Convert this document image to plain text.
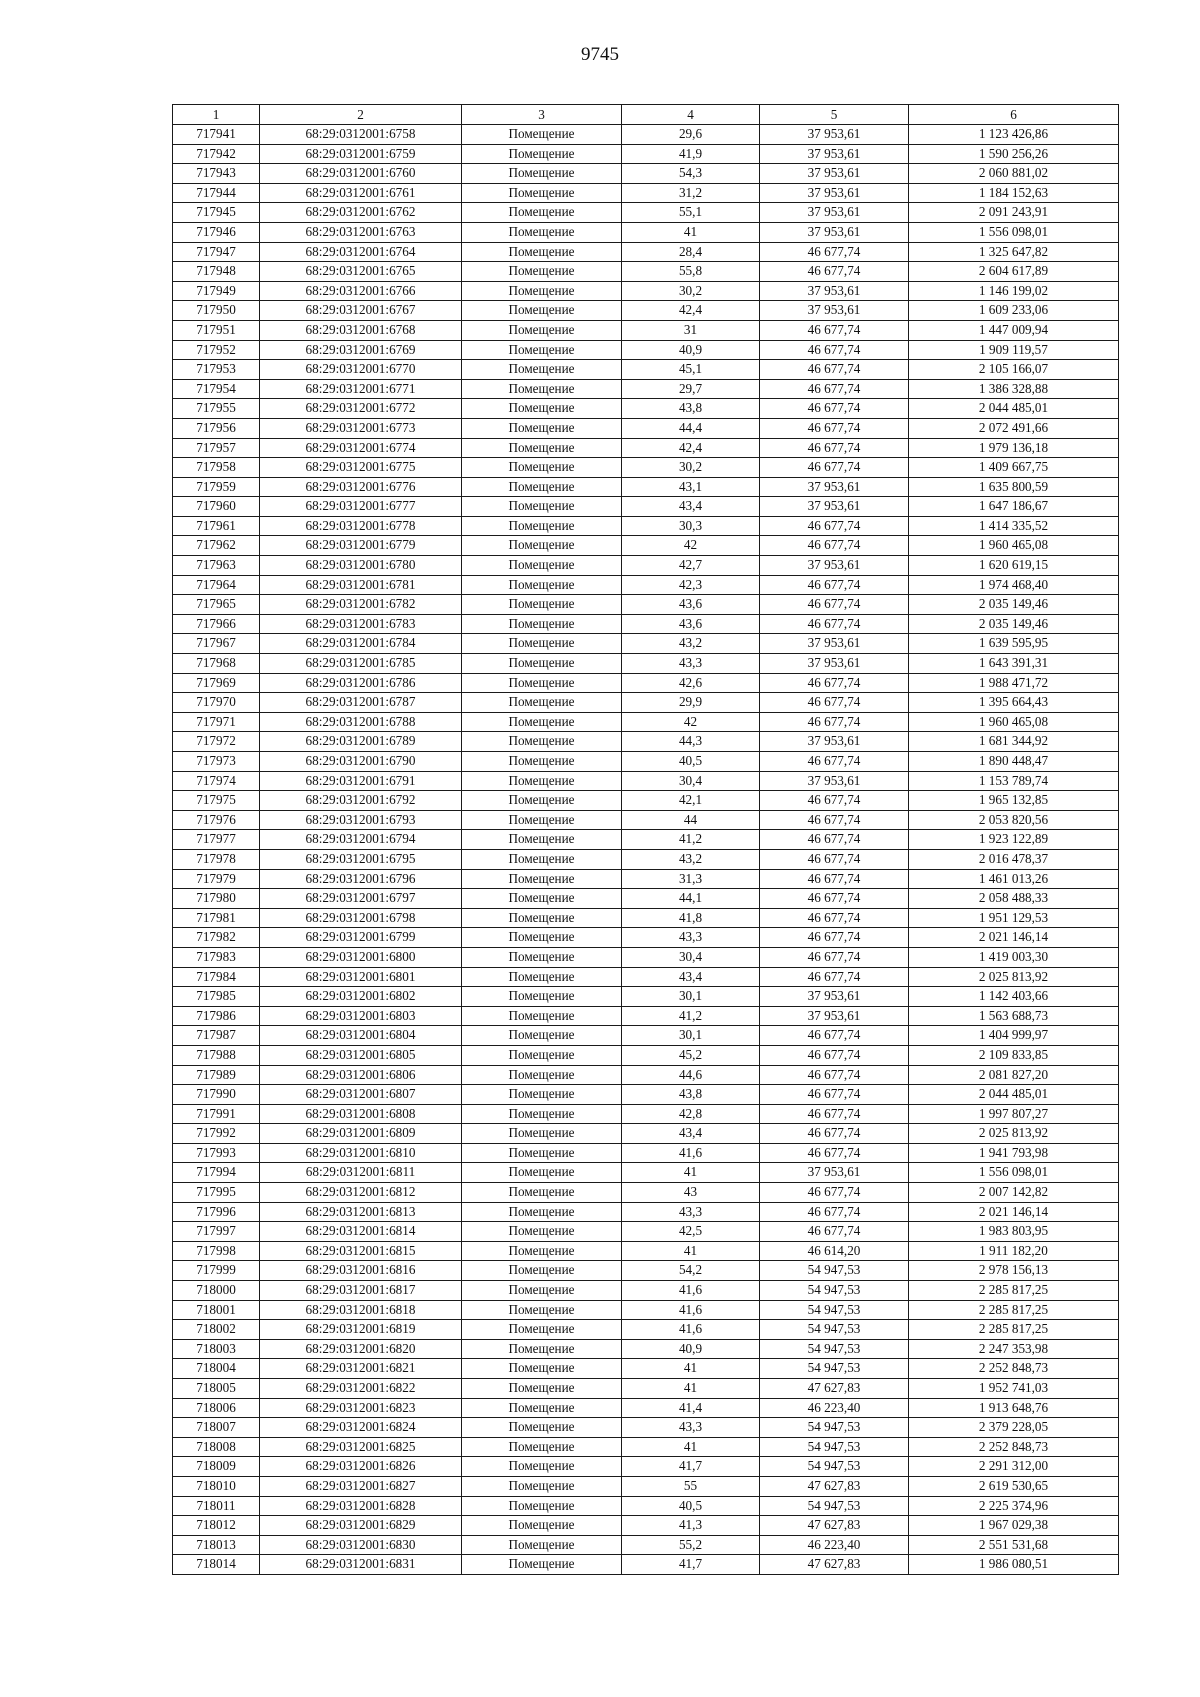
9745
1	2	3	4	5	6
717941	68:29:0312001:6758	Помещение	29,6	37 953,61	1 123 426,86
717942	68:29:0312001:6759	Помещение	41,9	37 953,61	1 590 256,26
717943	68:29:0312001:6760	Помещение	54,3	37 953,61	2 060 881,02
717944	68:29:0312001:6761	Помещение	31,2	37 953,61	1 184 152,63
717945	68:29:0312001:6762	Помещение	55,1	37 953,61	2 091 243,91
717946	68:29:0312001:6763	Помещение	41	37 953,61	1 556 098,01
717947	68:29:0312001:6764	Помещение	28,4	46 677,74	1 325 647,82
717948	68:29:0312001:6765	Помещение	55,8	46 677,74	2 604 617,89
717949	68:29:0312001:6766	Помещение	30,2	37 953,61	1 146 199,02
717950	68:29:0312001:6767	Помещение	42,4	37 953,61	1 609 233,06
717951	68:29:0312001:6768	Помещение	31	46 677,74	1 447 009,94
717952	68:29:0312001:6769	Помещение	40,9	46 677,74	1 909 119,57
717953	68:29:0312001:6770	Помещение	45,1	46 677,74	2 105 166,07
717954	68:29:0312001:6771	Помещение	29,7	46 677,74	1 386 328,88
717955	68:29:0312001:6772	Помещение	43,8	46 677,74	2 044 485,01
717956	68:29:0312001:6773	Помещение	44,4	46 677,74	2 072 491,66
717957	68:29:0312001:6774	Помещение	42,4	46 677,74	1 979 136,18
717958	68:29:0312001:6775	Помещение	30,2	46 677,74	1 409 667,75
717959	68:29:0312001:6776	Помещение	43,1	37 953,61	1 635 800,59
717960	68:29:0312001:6777	Помещение	43,4	37 953,61	1 647 186,67
717961	68:29:0312001:6778	Помещение	30,3	46 677,74	1 414 335,52
717962	68:29:0312001:6779	Помещение	42	46 677,74	1 960 465,08
717963	68:29:0312001:6780	Помещение	42,7	37 953,61	1 620 619,15
717964	68:29:0312001:6781	Помещение	42,3	46 677,74	1 974 468,40
717965	68:29:0312001:6782	Помещение	43,6	46 677,74	2 035 149,46
717966	68:29:0312001:6783	Помещение	43,6	46 677,74	2 035 149,46
717967	68:29:0312001:6784	Помещение	43,2	37 953,61	1 639 595,95
717968	68:29:0312001:6785	Помещение	43,3	37 953,61	1 643 391,31
717969	68:29:0312001:6786	Помещение	42,6	46 677,74	1 988 471,72
717970	68:29:0312001:6787	Помещение	29,9	46 677,74	1 395 664,43
717971	68:29:0312001:6788	Помещение	42	46 677,74	1 960 465,08
717972	68:29:0312001:6789	Помещение	44,3	37 953,61	1 681 344,92
717973	68:29:0312001:6790	Помещение	40,5	46 677,74	1 890 448,47
717974	68:29:0312001:6791	Помещение	30,4	37 953,61	1 153 789,74
717975	68:29:0312001:6792	Помещение	42,1	46 677,74	1 965 132,85
717976	68:29:0312001:6793	Помещение	44	46 677,74	2 053 820,56
717977	68:29:0312001:6794	Помещение	41,2	46 677,74	1 923 122,89
717978	68:29:0312001:6795	Помещение	43,2	46 677,74	2 016 478,37
717979	68:29:0312001:6796	Помещение	31,3	46 677,74	1 461 013,26
717980	68:29:0312001:6797	Помещение	44,1	46 677,74	2 058 488,33
717981	68:29:0312001:6798	Помещение	41,8	46 677,74	1 951 129,53
717982	68:29:0312001:6799	Помещение	43,3	46 677,74	2 021 146,14
717983	68:29:0312001:6800	Помещение	30,4	46 677,74	1 419 003,30
717984	68:29:0312001:6801	Помещение	43,4	46 677,74	2 025 813,92
717985	68:29:0312001:6802	Помещение	30,1	37 953,61	1 142 403,66
717986	68:29:0312001:6803	Помещение	41,2	37 953,61	1 563 688,73
717987	68:29:0312001:6804	Помещение	30,1	46 677,74	1 404 999,97
717988	68:29:0312001:6805	Помещение	45,2	46 677,74	2 109 833,85
717989	68:29:0312001:6806	Помещение	44,6	46 677,74	2 081 827,20
717990	68:29:0312001:6807	Помещение	43,8	46 677,74	2 044 485,01
717991	68:29:0312001:6808	Помещение	42,8	46 677,74	1 997 807,27
717992	68:29:0312001:6809	Помещение	43,4	46 677,74	2 025 813,92
717993	68:29:0312001:6810	Помещение	41,6	46 677,74	1 941 793,98
717994	68:29:0312001:6811	Помещение	41	37 953,61	1 556 098,01
717995	68:29:0312001:6812	Помещение	43	46 677,74	2 007 142,82
717996	68:29:0312001:6813	Помещение	43,3	46 677,74	2 021 146,14
717997	68:29:0312001:6814	Помещение	42,5	46 677,74	1 983 803,95
717998	68:29:0312001:6815	Помещение	41	46 614,20	1 911 182,20
717999	68:29:0312001:6816	Помещение	54,2	54 947,53	2 978 156,13
718000	68:29:0312001:6817	Помещение	41,6	54 947,53	2 285 817,25
718001	68:29:0312001:6818	Помещение	41,6	54 947,53	2 285 817,25
718002	68:29:0312001:6819	Помещение	41,6	54 947,53	2 285 817,25
718003	68:29:0312001:6820	Помещение	40,9	54 947,53	2 247 353,98
718004	68:29:0312001:6821	Помещение	41	54 947,53	2 252 848,73
718005	68:29:0312001:6822	Помещение	41	47 627,83	1 952 741,03
718006	68:29:0312001:6823	Помещение	41,4	46 223,40	1 913 648,76
718007	68:29:0312001:6824	Помещение	43,3	54 947,53	2 379 228,05
718008	68:29:0312001:6825	Помещение	41	54 947,53	2 252 848,73
718009	68:29:0312001:6826	Помещение	41,7	54 947,53	2 291 312,00
718010	68:29:0312001:6827	Помещение	55	47 627,83	2 619 530,65
718011	68:29:0312001:6828	Помещение	40,5	54 947,53	2 225 374,96
718012	68:29:0312001:6829	Помещение	41,3	47 627,83	1 967 029,38
718013	68:29:0312001:6830	Помещение	55,2	46 223,40	2 551 531,68
718014	68:29:0312001:6831	Помещение	41,7	47 627,83	1 986 080,51
